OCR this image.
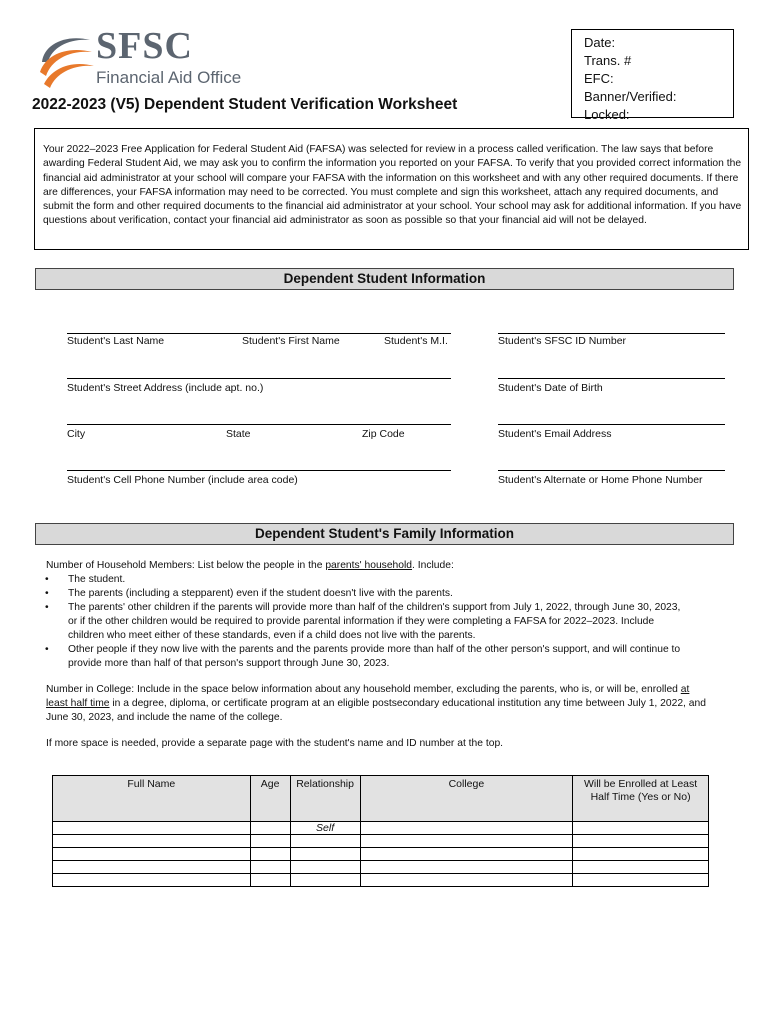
SFSC
Financial Aid Office
2022-2023 (V5) Dependent Student Verification Worksheet
Date:
Trans. #
EFC:
Banner/Verified:
Locked:
Your 2022–2023 Free Application for Federal Student Aid (FAFSA) was selected for review in a process called verification. The law says that before awarding Federal Student Aid, we may ask you to confirm the information you reported on your FAFSA. To verify that you provided correct information the financial aid administrator at your school will compare your FAFSA with the information on this worksheet and with any other required documents. If there are differences, your FAFSA information may need to be corrected. You must complete and sign this worksheet, attach any required documents, and submit the form and other required documents to the financial aid administrator at your school. Your school may ask for additional information. If you have questions about verification, contact your financial aid administrator as soon as possible so that your financial aid will not be delayed.
Dependent Student Information
Student's Last Name	Student's First Name	Student's M.I.	Student's SFSC ID Number
Student's Street Address (include apt. no.)	Student's Date of Birth
City	State	Zip Code	Student's Email Address
Student's Cell Phone Number (include area code)	Student's Alternate or Home Phone Number
Dependent Student's Family Information
Number of Household Members: List below the people in the parents' household. Include:
• The student.
• The parents (including a stepparent) even if the student doesn't live with the parents.
• The parents' other children if the parents will provide more than half of the children's support from July 1, 2022, through June 30, 2023, or if the other children would be required to provide parental information if they were completing a FAFSA for 2022–2023. Include children who meet either of these standards, even if a child does not live with the parents.
• Other people if they now live with the parents and the parents provide more than half of the other person's support, and will continue to provide more than half of that person's support through June 30, 2023.
Number in College: Include in the space below information about any household member, excluding the parents, who is, or will be, enrolled at least half time in a degree, diploma, or certificate program at an eligible postsecondary educational institution any time between July 1, 2022, and June 30, 2023, and include the name of the college.
If more space is needed, provide a separate page with the student's name and ID number at the top.
Full Name	Age	Relationship	College	Will be Enrolled at Least Half Time (Yes or No)
		Self		
